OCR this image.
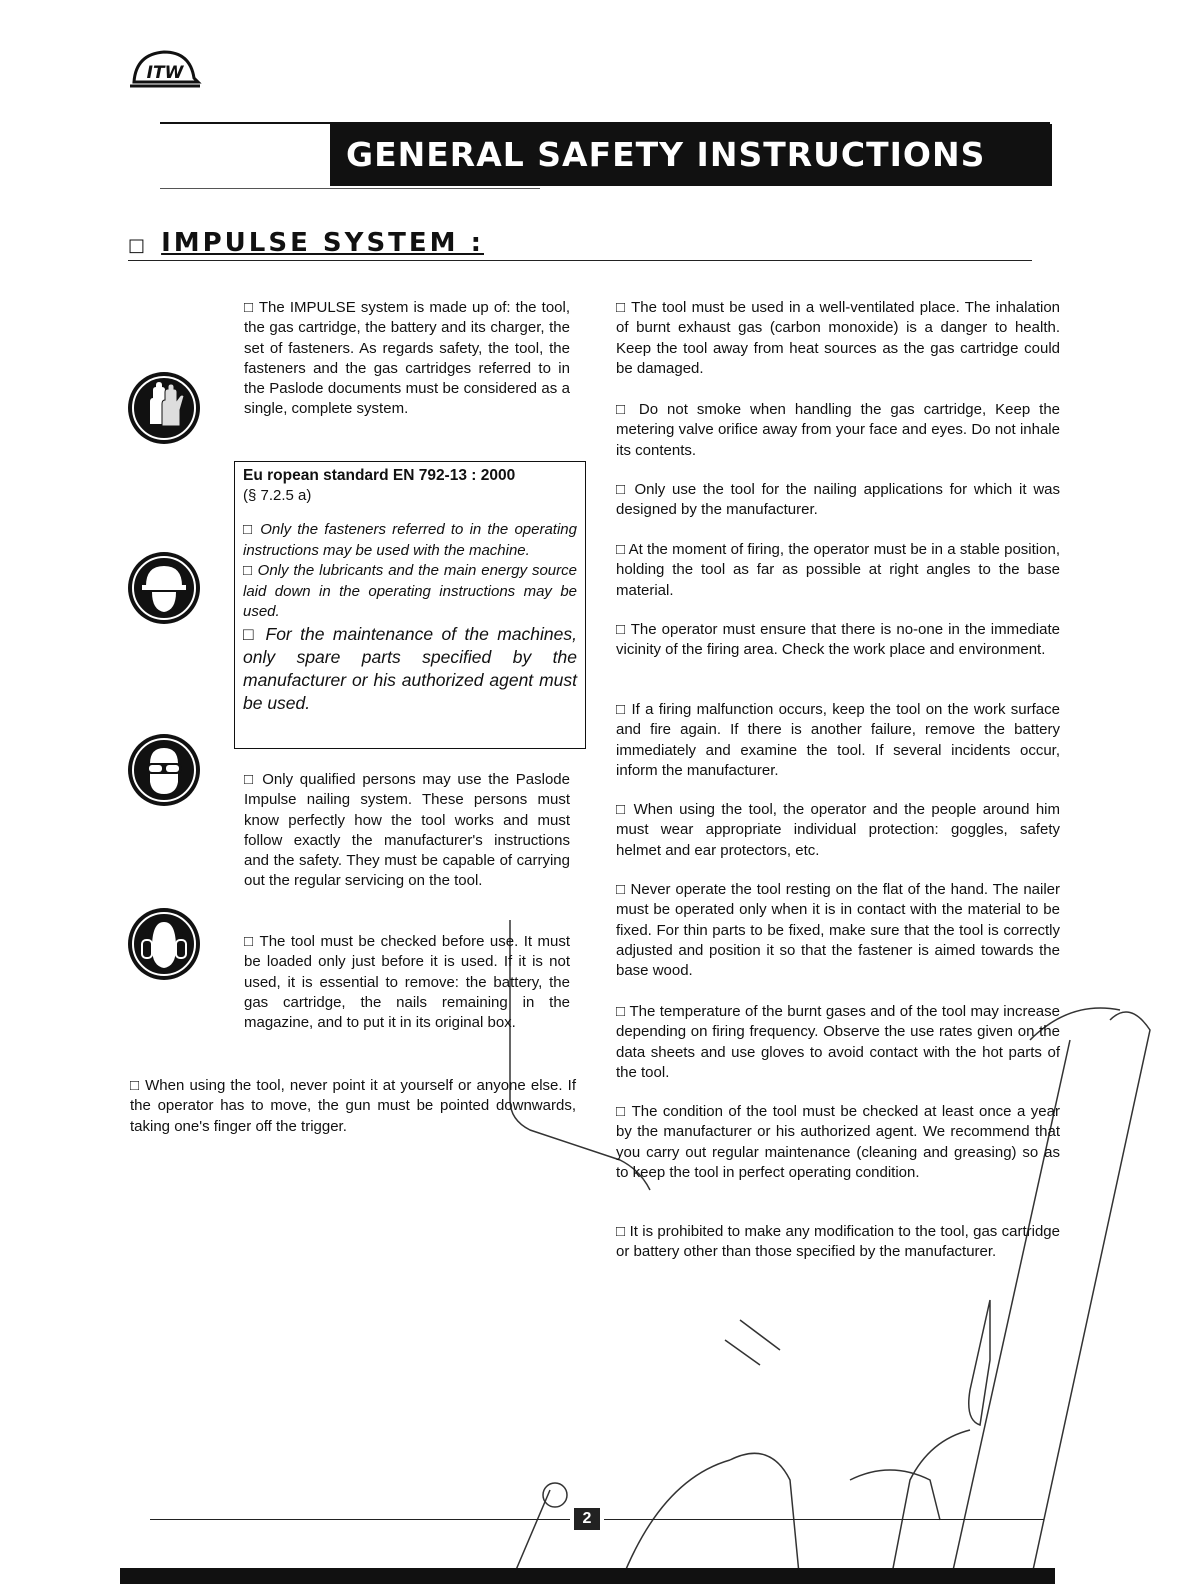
ITW
GENERAL SAFETY INSTRUCTIONS
□ IMPULSE SYSTEM :

□ The IMPULSE system is made up of: the tool, the gas cartridge, the battery and its charger, the set of fasteners. As regards safety, the tool, the fasteners and the gas cartridges referred to in the Paslode documents must be considered as a single, complete system.

Eu ropean standard EN 792-13 : 2000
(§ 7.2.5 a)

□ Only the fasteners referred to in the operating instructions may be used with the machine.

□ Only the lubricants and the main energy source laid down in the operating instructions may be used.

□ For the maintenance of the machines, only spare parts specified by the manufacturer or his authorized agent must be used.

□ Only qualified persons may use the Paslode Impulse nailing system. These persons must know perfectly how the tool works and must follow exactly the manufacturer's instructions and the safety. They must be capable of carrying out the regular servicing on the tool.

□ The tool must be checked before use. It must be loaded only just before it is used. If it is not used, it is essential to remove: the battery, the gas cartridge, the nails remaining in the magazine, and to put it in its original box.

□ When using the tool, never point it at yourself or anyone else. If the operator has to move, the gun must be pointed downwards, taking one's finger off the trigger.

□ The tool must be used in a well-ventilated place. The inhalation of burnt exhaust gas (carbon monoxide) is a danger to health. Keep the tool away from heat sources as the gas cartridge could be damaged.

□ Do not smoke when handling the gas cartridge, Keep the metering valve orifice away from your face and eyes. Do not inhale its contents.

□ Only use the tool for the nailing applications for which it was designed by the manufacturer.

□ At the moment of firing, the operator must be in a stable position, holding the tool as far as possible at right angles to the base material.

□ The operator must ensure that there is no-one in the immediate vicinity of the firing area. Check the work place and environment.

□ If a firing malfunction occurs, keep the tool on the work surface and fire again. If there is another failure, remove the battery immediately and examine the tool. If several incidents occur, inform the manufacturer.

□ When using the tool, the operator and the people around him must wear appropriate individual protection: goggles, safety helmet and ear protectors, etc.

□ Never operate the tool resting on the flat of the hand. The nailer must be operated only when it is in contact with the material to be fixed. For thin parts to be fixed, make sure that the tool is correctly adjusted and position it so that the fastener is aimed towards the base wood.

□ The temperature of the burnt gases and of the tool may increase depending on firing frequency. Observe the use rates given on the data sheets and use gloves to avoid contact with the hot parts of the tool.

□ The condition of the tool must be checked at least once a year by the manufacturer or his authorized agent. We recommend that you carry out regular maintenance (cleaning and greasing) so as to keep the tool in perfect operating condition.

□ It is prohibited to make any modification to the tool, gas cartridge or battery other than those specified by the manufacturer.

2
